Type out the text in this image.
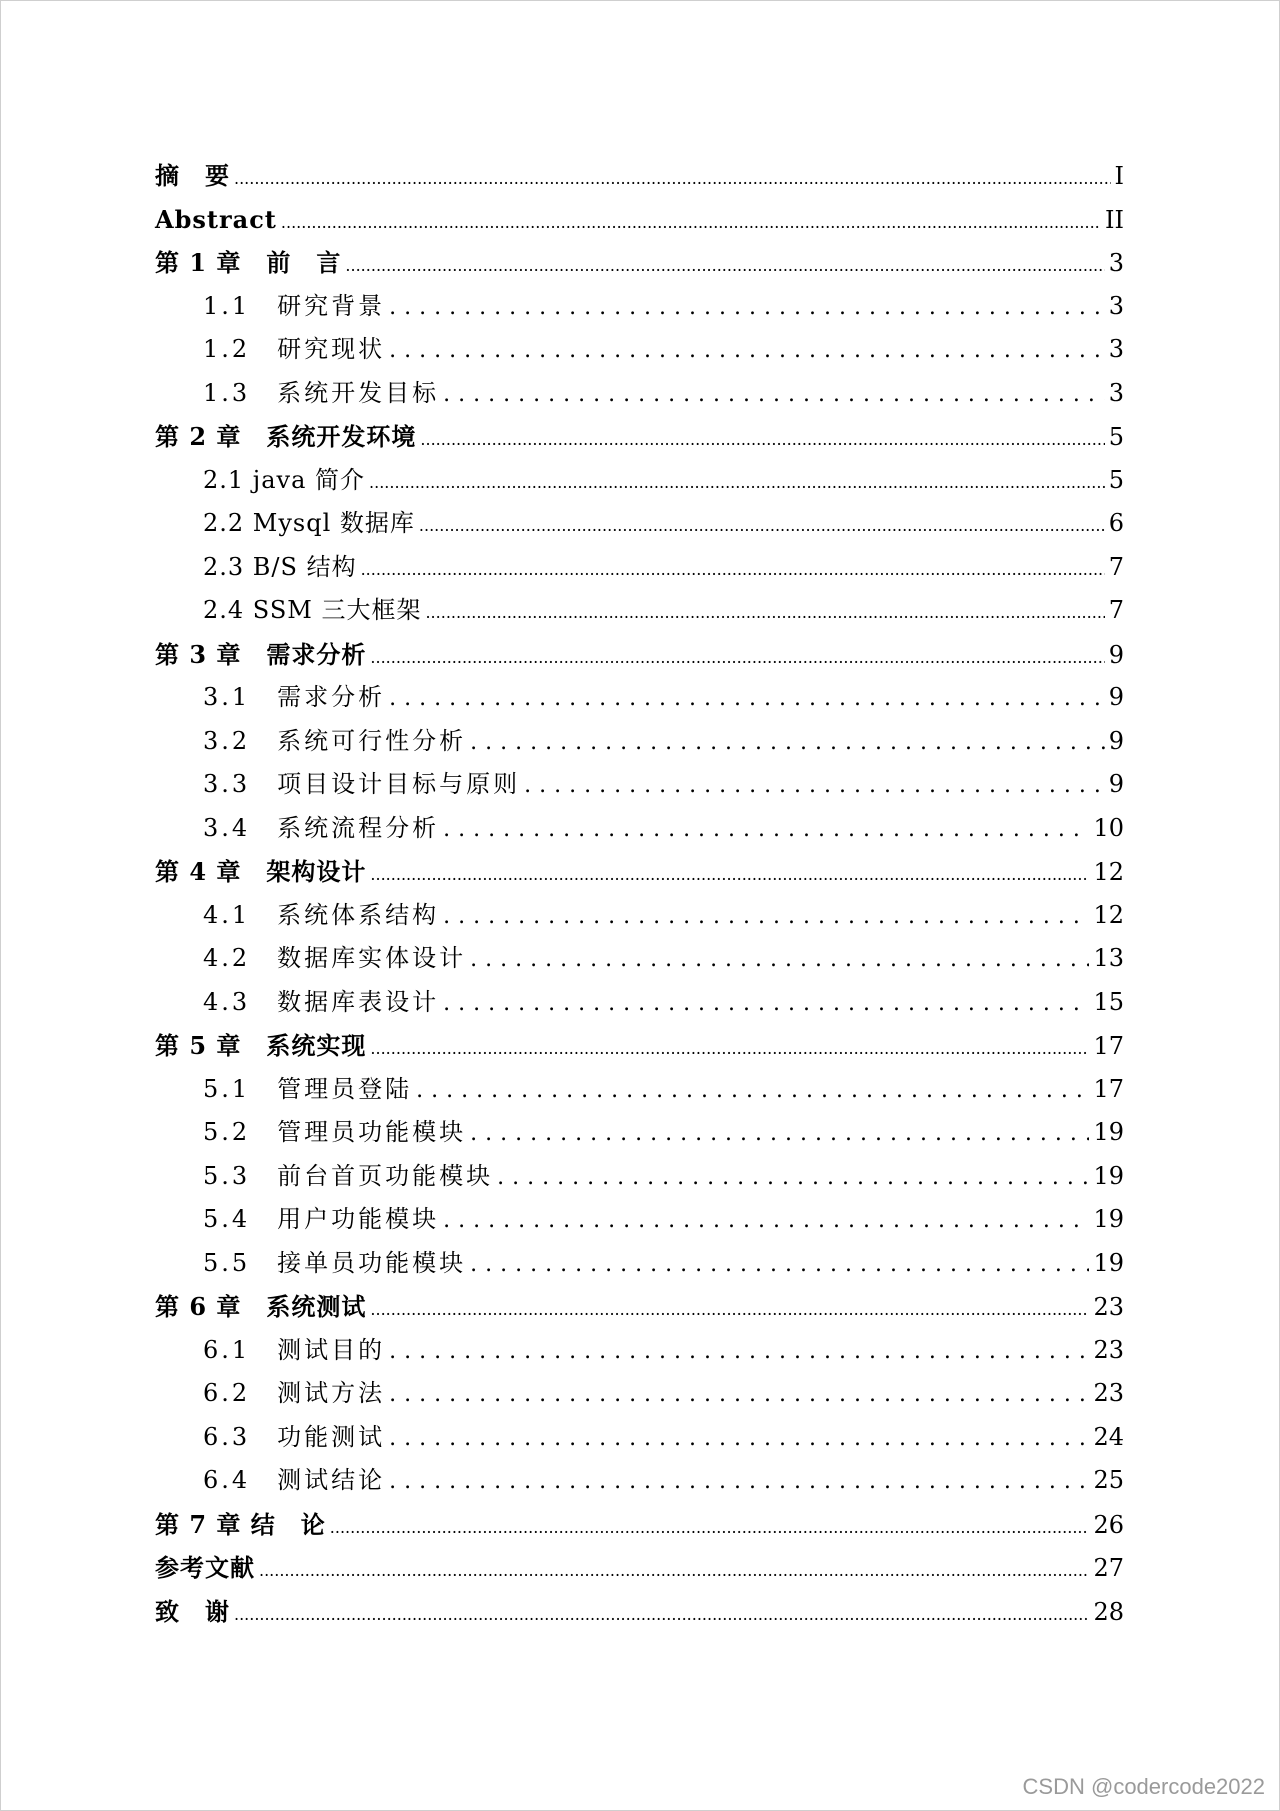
摘　要 .....	I
Abstract .....	II
第 1 章　前　言 .....	3
1.1　研究背景 .....	3
1.2　研究现状 .....	3
1.3　系统开发目标 .....	3
第 2 章　系统开发环境 .....	5
2.1 java 简介 .....	5
2.2 Mysql 数据库 .....	6
2.3 B/S 结构 .....	7
2.4 SSM 三大框架 .....	7
第 3 章　需求分析 .....	9
3.1　需求分析 .....	9
3.2　系统可行性分析 .....	9
3.3　项目设计目标与原则 .....	9
3.4　系统流程分析 .....	10
第 4 章　架构设计 .....	12
4.1　系统体系结构 .....	12
4.2　数据库实体设计 .....	13
4.3　数据库表设计 .....	15
第 5 章　系统实现 .....	17
5.1　管理员登陆 .....	17
5.2　管理员功能模块 .....	19
5.3　前台首页功能模块 .....	19
5.4　用户功能模块 .....	19
5.5　接单员功能模块 .....	19
第 6 章　系统测试 .....	23
6.1　测试目的 .....	23
6.2　测试方法 .....	23
6.3　功能测试 .....	24
6.4　测试结论 .....	25
第 7 章 结　论 .....	26
参考文献 .....	27
致　谢 .....	28
CSDN @codercode2022
